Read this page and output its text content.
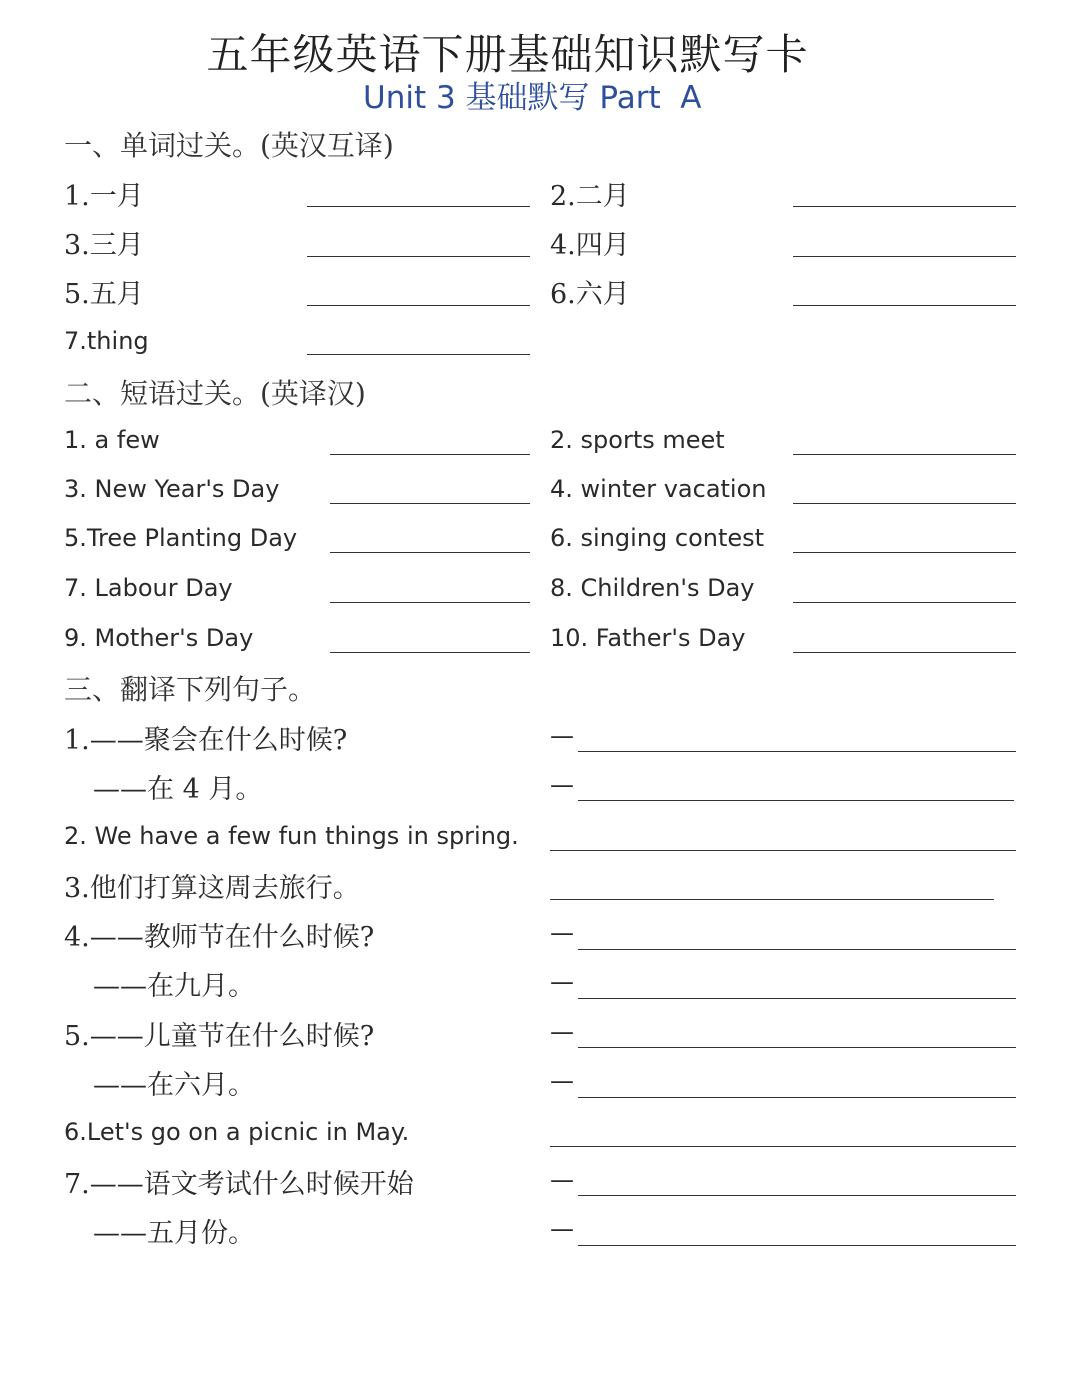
五年级英语下册基础知识默写卡
Unit 3 基础默写 Part  A
一、单词过关。(英汉互译)
1.一月	2.二月
3.三月	4.四月
5.五月	6.六月
7.thing
二、短语过关。(英译汉)
1. a few	2. sports meet
3. New Year's Day	4. winter vacation
5.Tree Planting Day	6. singing contest
7. Labour Day	8. Children's Day
9. Mother's Day	10. Father's Day
三、翻译下列句子。
1.——聚会在什么时候?	—
——在 4 月。	—
2. We have a few fun things in spring.
3.他们打算这周去旅行。
4.——教师节在什么时候?	—
——在九月。	—
5.——儿童节在什么时候?	—
——在六月。	—
6.Let's go on a picnic in May.
7.——语文考试什么时候开始	—
——五月份。	—
